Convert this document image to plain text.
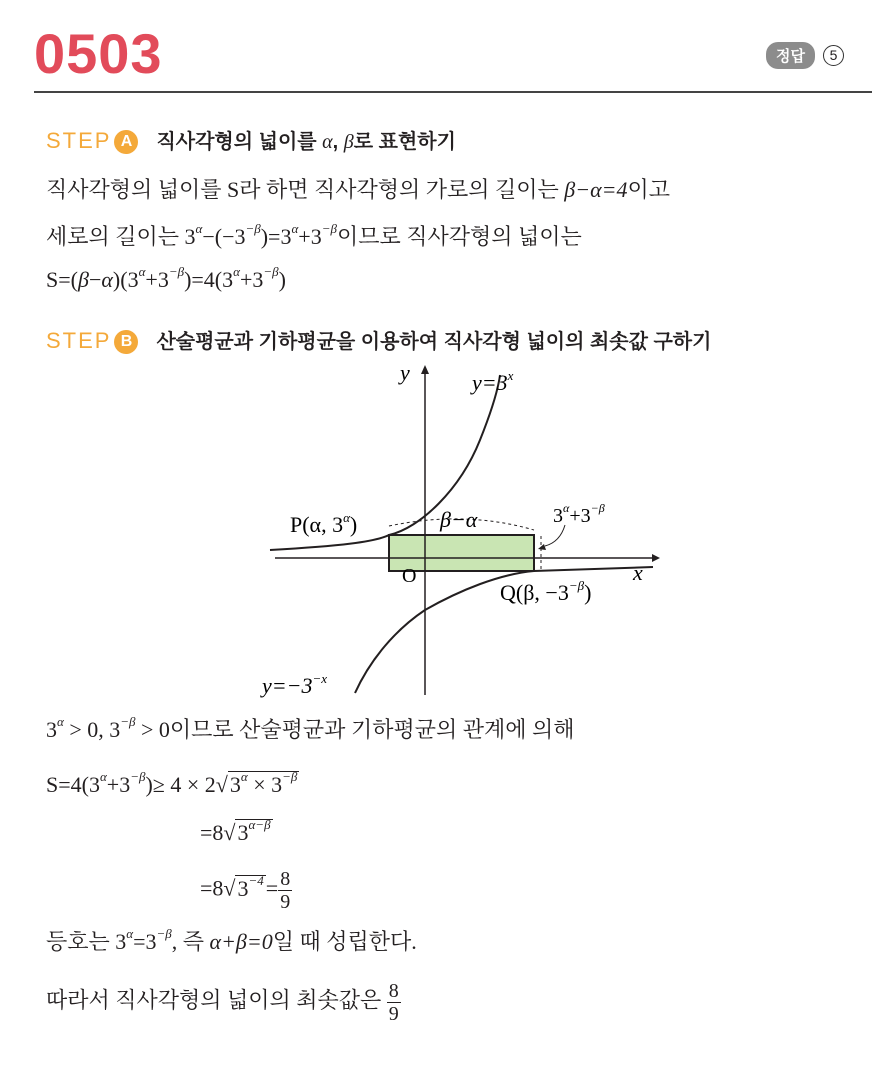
0503	정답 5
STEP A 직사각형의 넓이를 α, β로 표현하기
직사각형의 넓이를 S라 하면 직사각형의 가로의 길이는 β−α=4이고
세로의 길이는 $3^\alpha-(-3^{-\beta})=3^\alpha+3^{-\beta}$이므로 직사각형의 넓이는
$S=(\beta-\alpha)(3^\alpha+3^{-\beta})=4(3^\alpha+3^{-\beta})$
STEP B 산술평균과 기하평균을 이용하여 직사각형 넓이의 최솟값 구하기
y
x
O
$y=3^x$
$y=-3^{-x}$
P(α, $3^\alpha$)
Q(β, $-3^{-\beta}$)
β−α	$3^\alpha+3^{-\beta}$
$3^\alpha > 0$, $3^{-\beta} > 0$이므로 산술평균과 기하평균의 관계에 의해
$S=4(3^\alpha+3^{-\beta})\ge 4 \times 2√3^\alpha \times 3^{-\beta}$
$=8√3^{\alpha-\beta}$
$=8√3^{-4}= \frac{8}{9}$
등호는 $3^\alpha=3^{-\beta}$, 즉 α+β=0일 때 성립한다.
따라서 직사각형의 넓이의 최솟값은 $\frac{8}{9}$
